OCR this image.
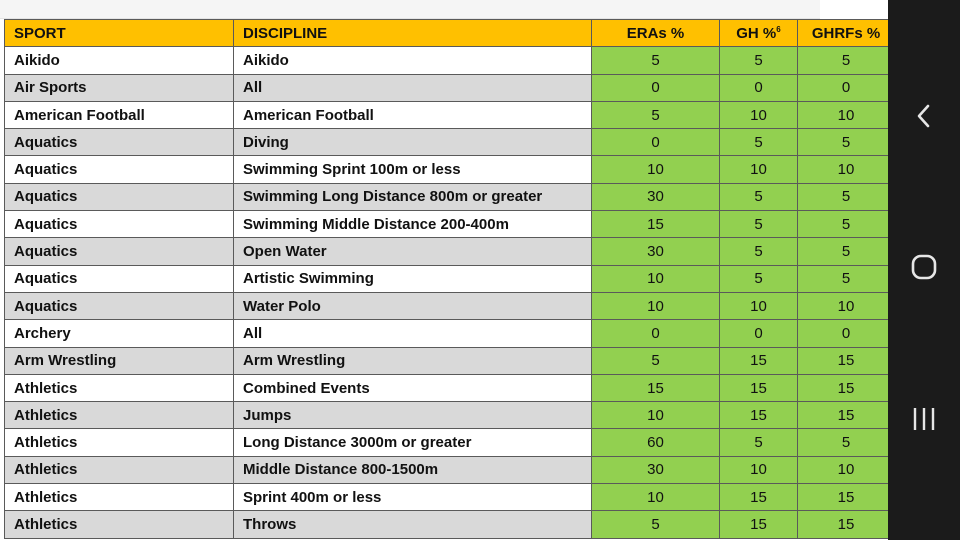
SPORT	DISCIPLINE	ERAs %	GH %$^6$	GHRFs %
Aikido	Aikido	5	5	5
Air Sports	All	0	0	0
American Football	American Football	5	10	10
Aquatics	Diving	0	5	5
Aquatics	Swimming Sprint 100m or less	10	10	10
Aquatics	Swimming Long Distance 800m or greater	30	5	5
Aquatics	Swimming Middle Distance 200-400m	15	5	5
Aquatics	Open Water	30	5	5
Aquatics	Artistic Swimming	10	5	5
Aquatics	Water Polo	10	10	10
Archery	All	0	0	0
Arm Wrestling	Arm Wrestling	5	15	15
Athletics	Combined Events	15	15	15
Athletics	Jumps	10	15	15
Athletics	Long Distance 3000m or greater	60	5	5
Athletics	Middle Distance 800-1500m	30	10	10
Athletics	Sprint 400m or less	10	15	15
Athletics	Throws	5	15	15
